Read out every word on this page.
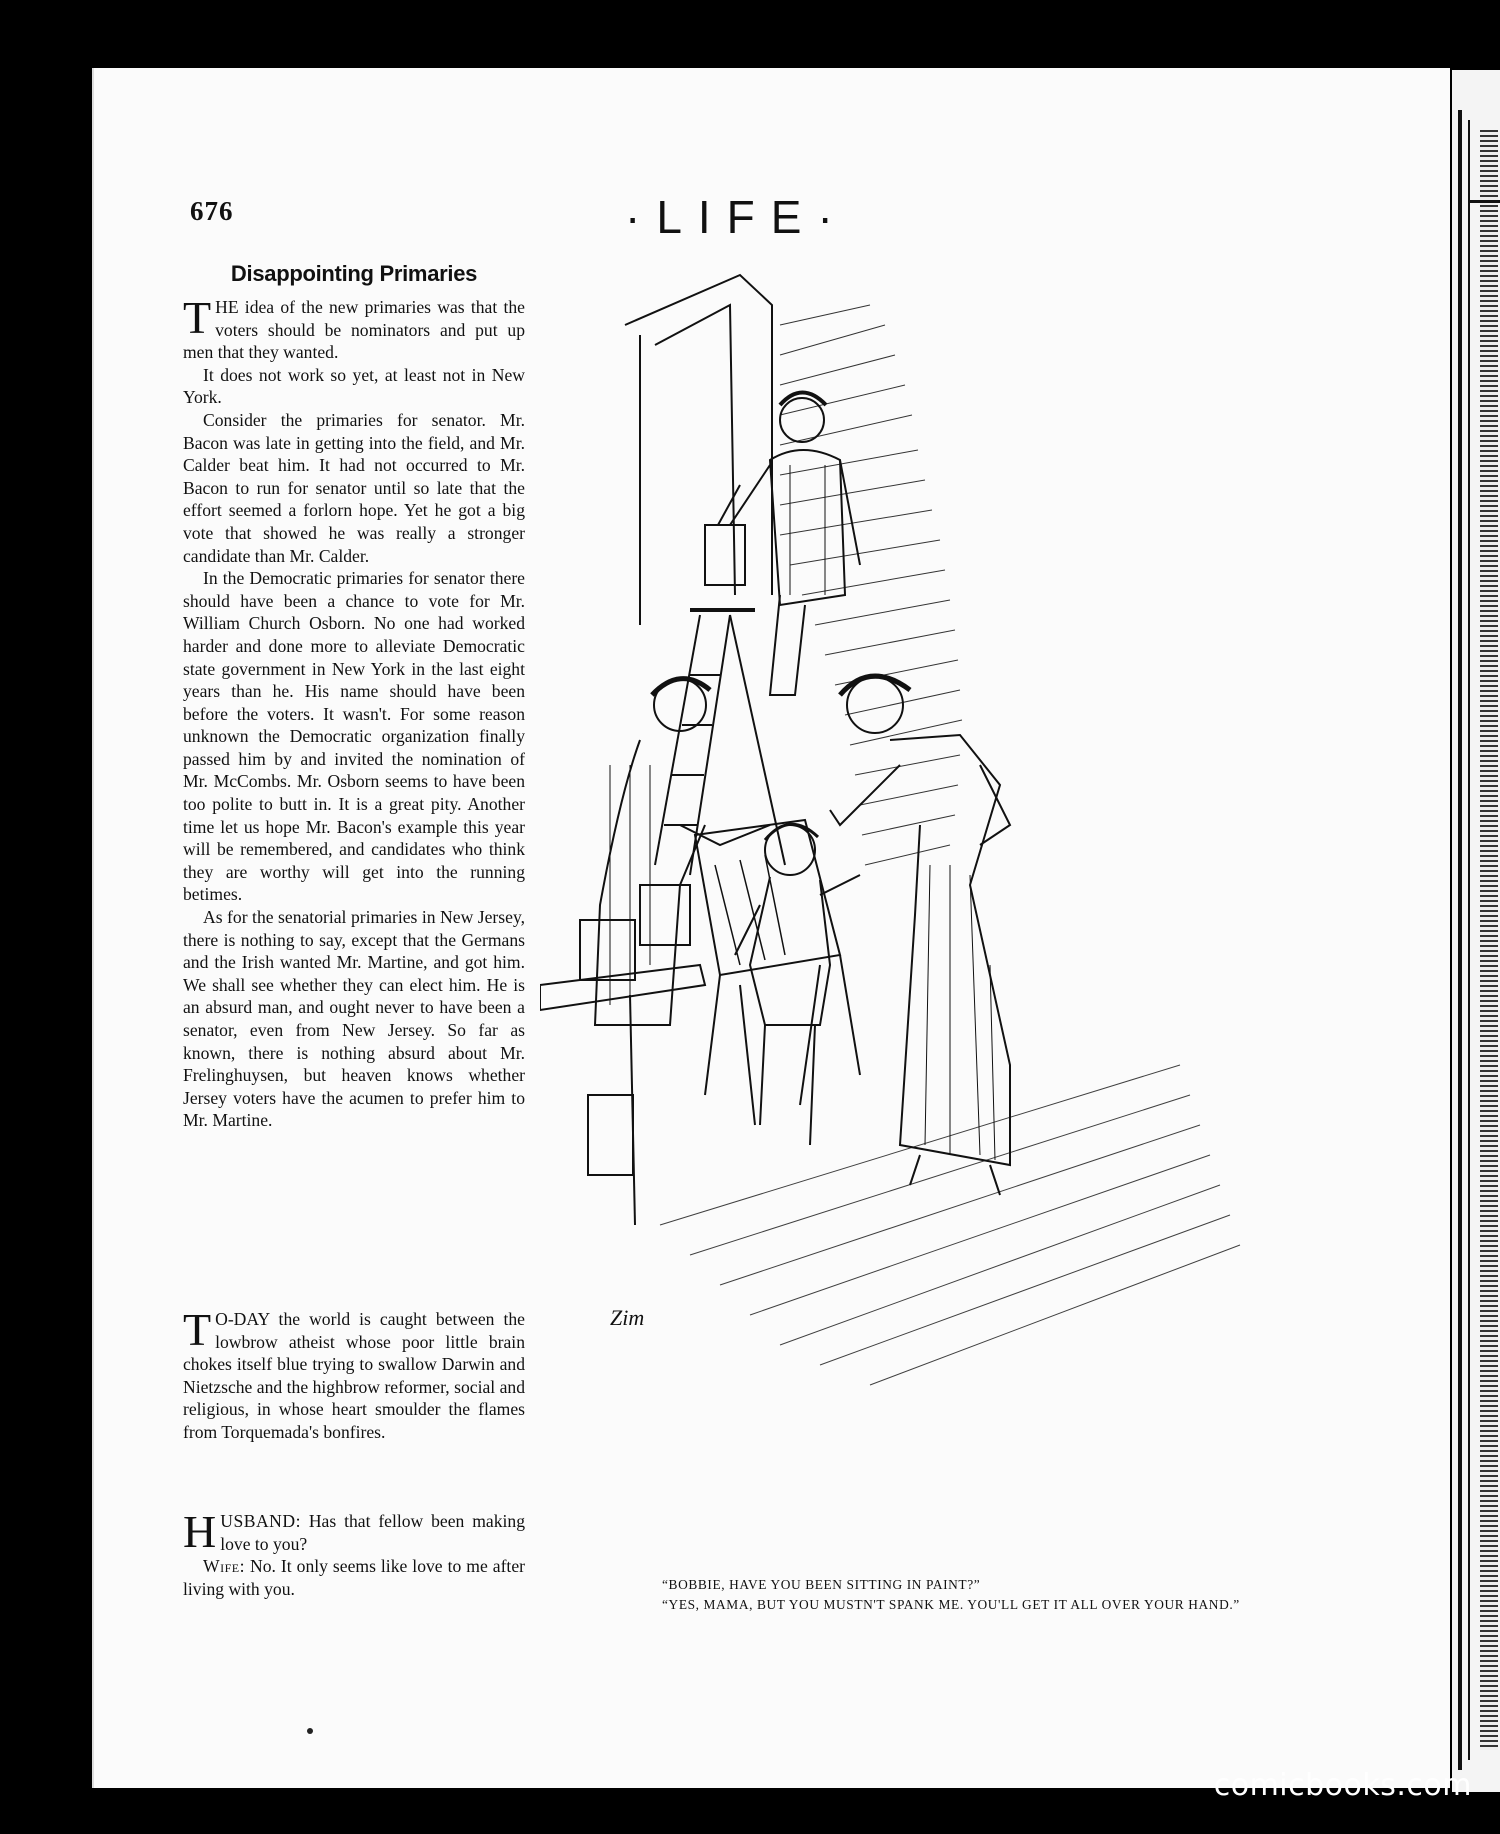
676	·LIFE·
Disappointing Primaries

THE idea of the new primaries was that the voters should be nominators and put up men that they wanted.

It does not work so yet, at least not in New York.

Consider the primaries for senator. Mr. Bacon was late in getting into the field, and Mr. Calder beat him. It had not occurred to Mr. Bacon to run for senator until so late that the effort seemed a forlorn hope. Yet he got a big vote that showed he was really a stronger candidate than Mr. Calder.

In the Democratic primaries for senator there should have been a chance to vote for Mr. William Church Osborn. No one had worked harder and done more to alleviate Democratic state government in New York in the last eight years than he. His name should have been before the voters. It wasn't. For some reason unknown the Democratic organization finally passed him by and invited the nomination of Mr. McCombs. Mr. Osborn seems to have been too polite to butt in. It is a great pity. Another time let us hope Mr. Bacon's example this year will be remembered, and candidates who think they are worthy will get into the running betimes.

As for the senatorial primaries in New Jersey, there is nothing to say, except that the Germans and the Irish wanted Mr. Martine, and got him. We shall see whether they can elect him. He is an absurd man, and ought never to have been a senator, even from New Jersey. So far as known, there is nothing absurd about Mr. Frelinghuysen, but heaven knows whether Jersey voters have the acumen to prefer him to Mr. Martine.

T O-DAY the world is caught between the lowbrow atheist whose poor little brain chokes itself blue trying to swallow Darwin and Nietzsche and the highbrow reformer, social and religious, in whose heart smoulder the flames from Torquemada's bonfires.

HUSBAND: Has that fellow been making love to you?

Wife: No. It only seems like love to me after living with you.

Zim

“BOBBIE, HAVE YOU BEEN SITTING IN PAINT?”

“YES, MAMA, BUT YOU MUSTN'T SPANK ME. YOU'LL GET IT ALL OVER YOUR HAND.”

comicbooks.com
